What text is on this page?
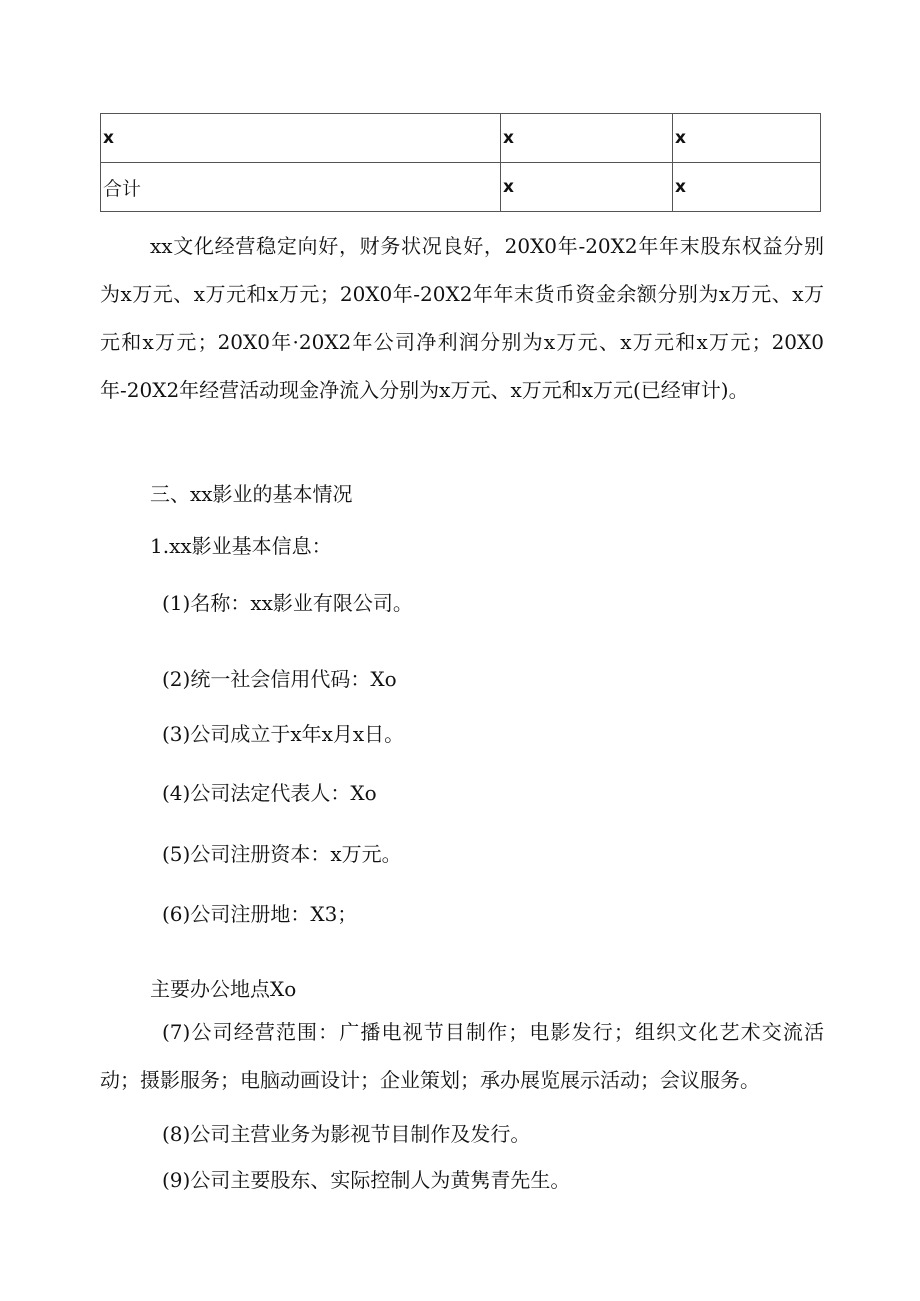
x	x	x
合计	x	x

xx文化经营稳定向好，财务状况良好，20X0年-20X2年年末股东权益分别为x万元、x万元和x万元；20X0年-20X2年年末货币资金余额分别为x万元、x万元和x万元；20X0年·20X2年公司净利润分别为x万元、x万元和x万元；20X0年-20X2年经营活动现金净流入分别为x万元、x万元和x万元(已经审计)。

三、xx影业的基本情况

1.xx影业基本信息：

(1)名称：xx影业有限公司。

(2)统一社会信用代码：Xo

(3)公司成立于x年x月x日。

(4)公司法定代表人：Xo

(5)公司注册资本：x万元。

(6)公司注册地：X3；

主要办公地点Xo

(7)公司经营范围：广播电视节目制作；电影发行；组织文化艺术交流活动；摄影服务；电脑动画设计；企业策划；承办展览展示活动；会议服务。

(8)公司主营业务为影视节目制作及发行。

(9)公司主要股东、实际控制人为黄隽青先生。
